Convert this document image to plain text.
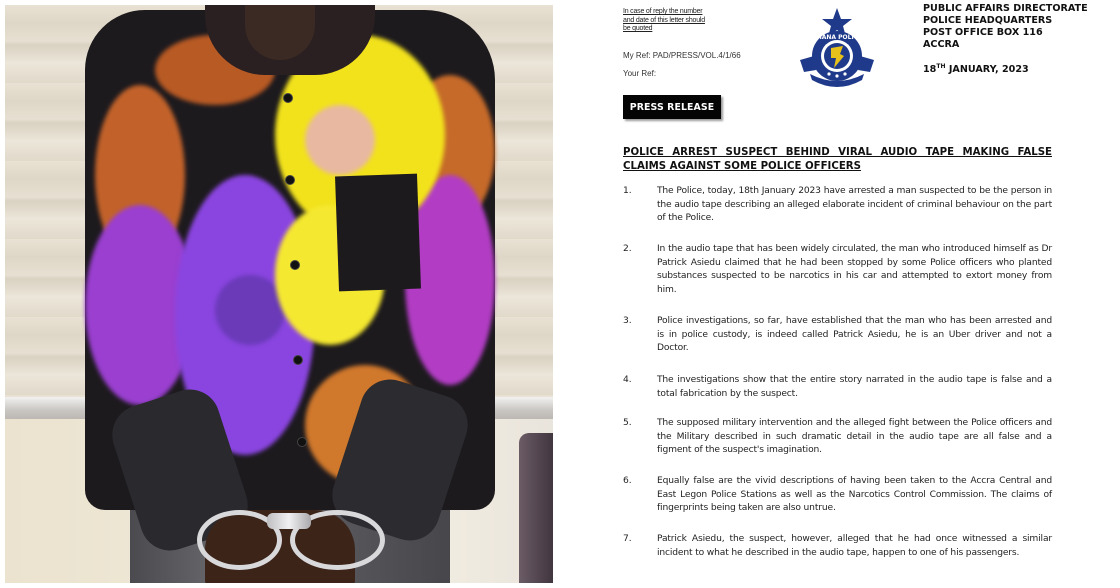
In case of reply the number and date of this letter should be quoted
My Ref: PAD/PRESS/VOL.4/1/66
Your Ref:
GHANA POLICE
PUBLIC AFFAIRS DIRECTORATE
POLICE HEADQUARTERS
POST OFFICE BOX 116
ACCRA
18TH JANUARY, 2023
PRESS RELEASE
POLICE ARREST SUSPECT BEHIND VIRAL AUDIO TAPE MAKING FALSE
CLAIMS AGAINST SOME POLICE OFFICERS
1.	The Police, today, 18th January 2023 have arrested a man suspected to be the person in the audio tape describing an alleged elaborate incident of criminal behaviour on the part of the Police.
2.	In the audio tape that has been widely circulated, the man who introduced himself as Dr Patrick Asiedu claimed that he had been stopped by some Police officers who planted substances suspected to be narcotics in his car and attempted to extort money from him.
3.	Police investigations, so far, have established that the man who has been arrested and is in police custody, is indeed called Patrick Asiedu, he is an Uber driver and not a Doctor.
4.	The investigations show that the entire story narrated in the audio tape is false and a total fabrication by the suspect.
5.	The supposed military intervention and the alleged fight between the Police officers and the Military described in such dramatic detail in the audio tape are all false and a figment of the suspect's imagination.
6.	Equally false are the vivid descriptions of having been taken to the Accra Central and East Legon Police Stations as well as the Narcotics Control Commission. The claims of fingerprints being taken are also untrue.
7.	Patrick Asiedu, the suspect, however, alleged that he had once witnessed a similar incident to what he described in the audio tape, happen to one of his passengers.
